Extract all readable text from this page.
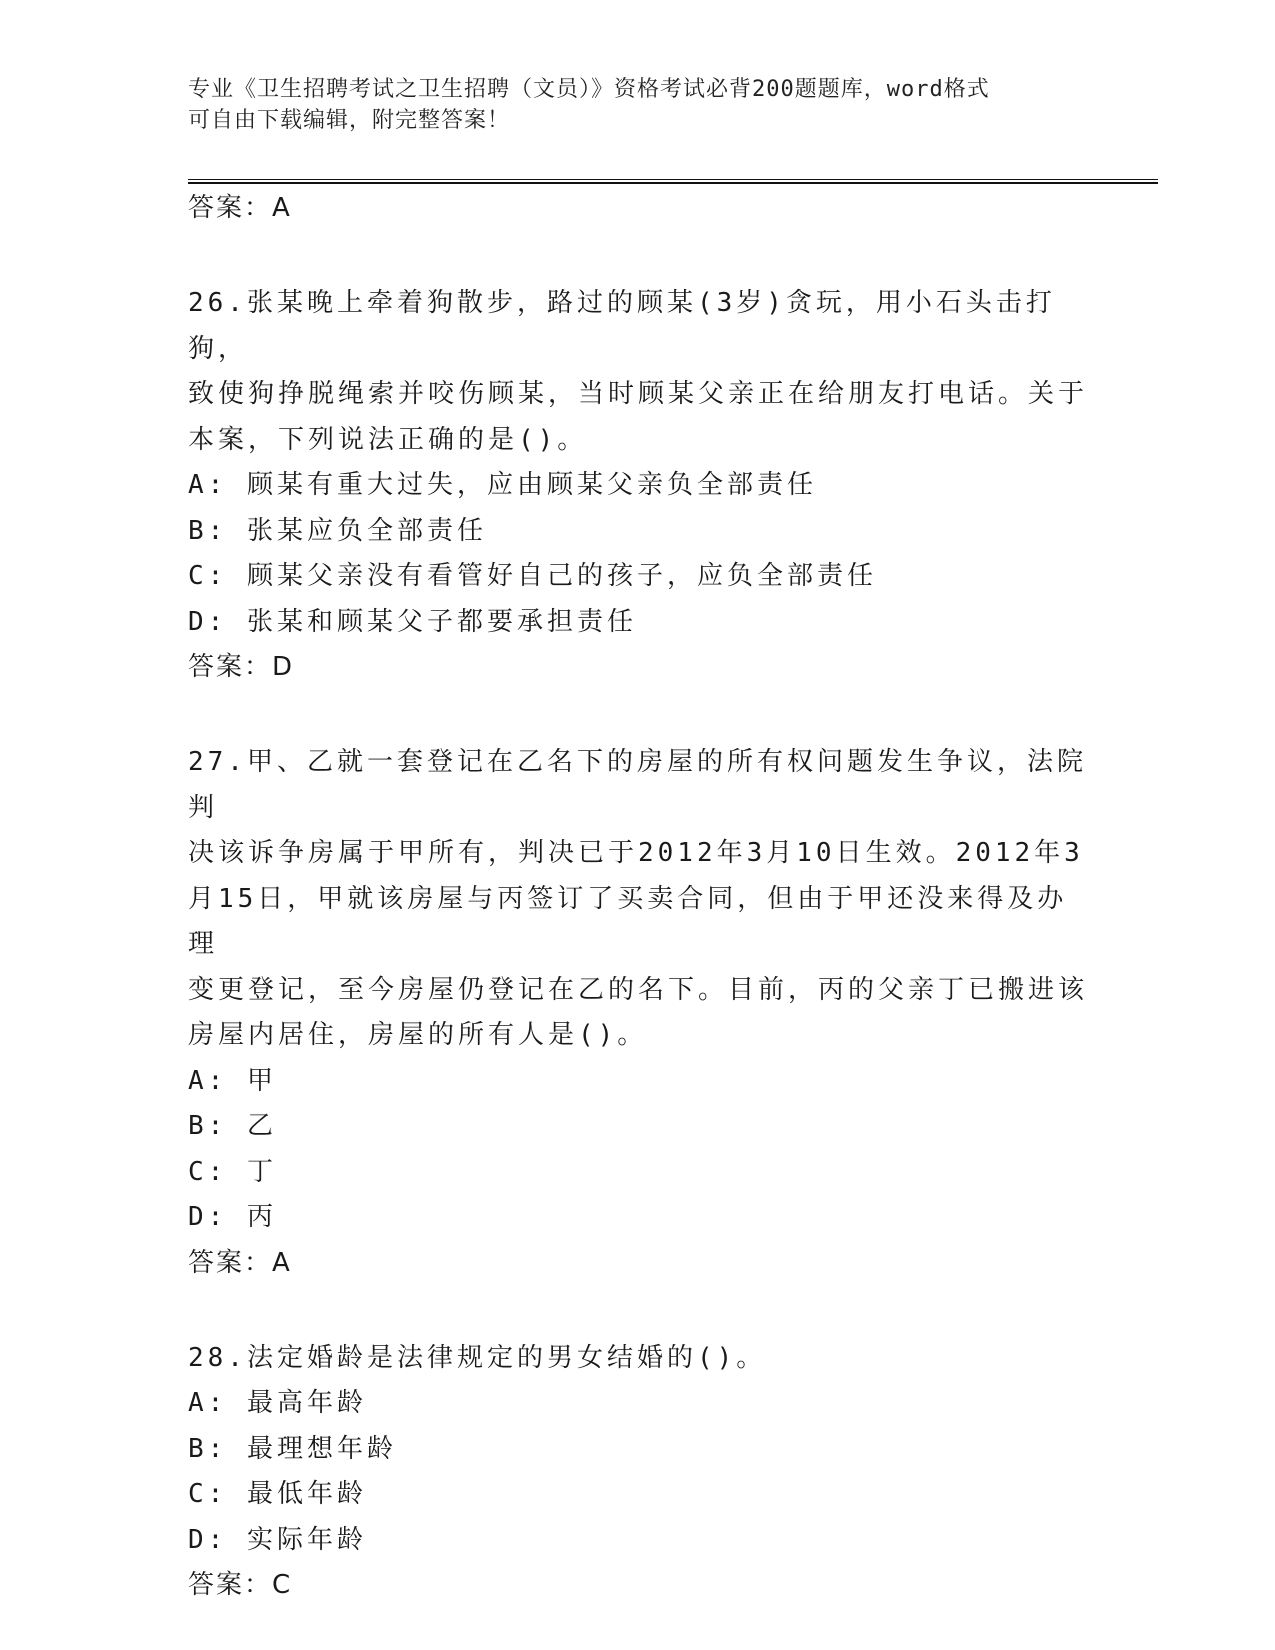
专业《卫生招聘考试之卫生招聘（文员）》资格考试必背200题题库，word格式
可自由下载编辑，附完整答案！
答案：A
26.张某晚上牵着狗散步，路过的顾某(3岁)贪玩，用小石头击打狗，
致使狗挣脱绳索并咬伤顾某，当时顾某父亲正在给朋友打电话。关于
本案，下列说法正确的是()。
A: 顾某有重大过失，应由顾某父亲负全部责任
B: 张某应负全部责任
C: 顾某父亲没有看管好自己的孩子，应负全部责任
D: 张某和顾某父子都要承担责任
答案：D
27.甲、乙就一套登记在乙名下的房屋的所有权问题发生争议，法院判
决该诉争房属于甲所有，判决已于2012年3月10日生效。2012年3
月15日，甲就该房屋与丙签订了买卖合同，但由于甲还没来得及办理
变更登记，至今房屋仍登记在乙的名下。目前，丙的父亲丁已搬进该
房屋内居住，房屋的所有人是()。
A: 甲
B: 乙
C: 丁
D: 丙
答案：A
28.法定婚龄是法律规定的男女结婚的()。
A: 最高年龄
B: 最理想年龄
C: 最低年龄
D: 实际年龄
答案：C
